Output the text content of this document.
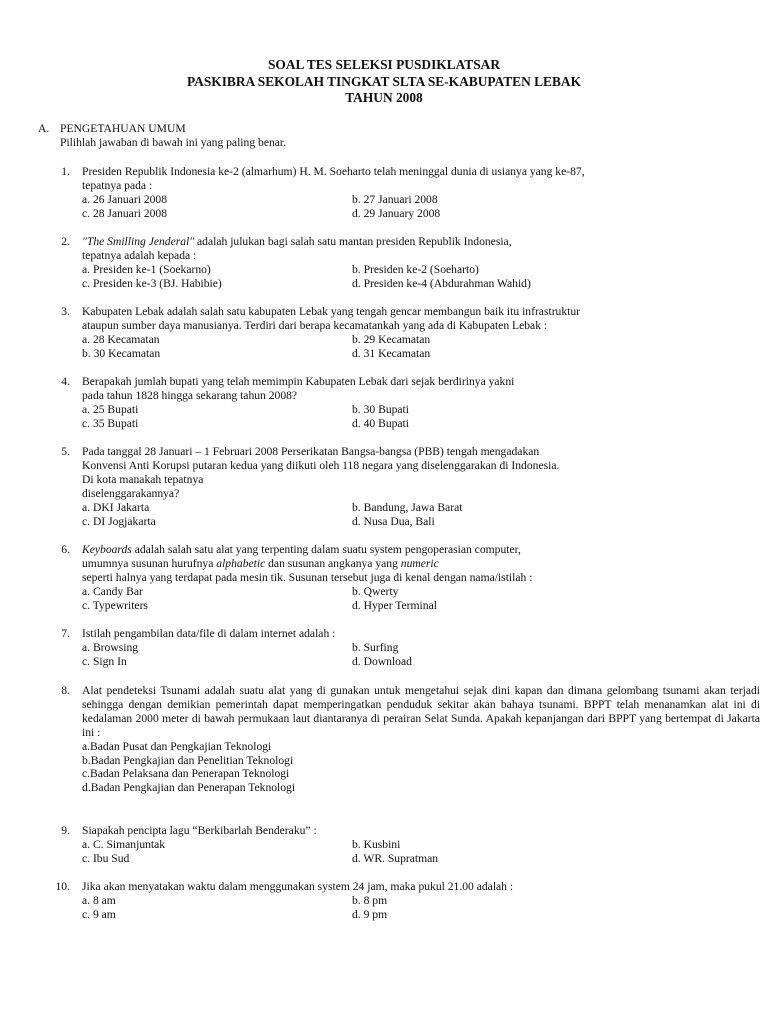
SOAL TES SELEKSI PUSDIKLATSAR
PASKIBRA SEKOLAH TINGKAT SLTA SE-KABUPATEN LEBAK
TAHUN 2008
A. PENGETAHUAN UMUM
Pilihlah jawaban di bawah ini yang paling benar.
1. Presiden Republik Indonesia ke-2 (almarhum) H. M. Soeharto telah meninggal dunia di usianya yang ke-87,
tepatnya pada :
a. 26 Januari 2008	b. 27 Januari 2008
c. 28 Januari 2008	d. 29 January 2008
2. "The Smilling Jenderal" adalah julukan bagi salah satu mantan presiden Republik Indonesia,
tepatnya adalah kepada :
a. Presiden ke-1 (Soekarno)	b. Presiden ke-2 (Soeharto)
c. Presiden ke-3 (BJ. Habibie)	d. Presiden ke-4 (Abdurahman Wahid)
3. Kabupaten Lebak adalah salah satu kabupaten Lebak yang tengah gencar membangun baik itu infrastruktur
ataupun sumber daya manusianya. Terdiri dari berapa kecamatankah yang ada di Kabupaten Lebak :
a. 28 Kecamatan	b. 29 Kecamatan
b. 30 Kecamatan	d. 31 Kecamatan
4. Berapakah jumlah bupati yang telah memimpin Kabupaten Lebak dari sejak berdirinya yakni
pada tahun 1828 hingga sekarang tahun 2008?
a. 25 Bupati	b. 30 Bupati
c. 35 Bupati	d. 40 Bupati
5. Pada tanggal 28 Januari – 1 Februari 2008 Perserikatan Bangsa-bangsa (PBB) tengah mengadakan
Konvensi Anti Korupsi putaran kedua yang diikuti oleh 118 negara yang diselenggarakan di Indonesia.
Di kota manakah tepatnya
diselenggarakannya?
a. DKI Jakarta	b. Bandung, Jawa Barat
c. DI Jogjakarta	d. Nusa Dua, Bali
6. Keyboards adalah salah satu alat yang terpenting dalam suatu system pengoperasian computer,
umumnya susunan hurufnya alphabetic dan susunan angkanya yang numeric
seperti halnya yang terdapat pada mesin tik. Susunan tersebut juga di kenal dengan nama/istilah :
a. Candy Bar	b. Qwerty
c. Typewriters	d. Hyper Terminal
7. Istilah pengambilan data/file di dalam internet adalah :
a. Browsing	b. Surfing
c. Sign In	d. Download
8. Alat pendeteksi Tsunami adalah suatu alat yang di gunakan untuk mengetahui sejak dini kapan dan dimana gelombang tsunami akan terjadi sehingga dengan demikian pemerintah dapat memperingatkan penduduk sekitar akan bahaya tsunami. BPPT telah menanamkan alat ini di kedalaman 2000 meter di bawah permukaan laut diantaranya di perairan Selat Sunda. Apakah kepanjangan dari BPPT yang bertempat di Jakarta ini :
a.Badan Pusat dan Pengkajian Teknologi
b.Badan Pengkajian dan Penelitian Teknologi
c.Badan Pelaksana dan Penerapan Teknologi
d.Badan Pengkajian dan Penerapan Teknologi
9. Siapakah pencipta lagu “Berkibarlah Benderaku” :
a. C. Simanjuntak	b. Kusbini
c. Ibu Sud	d. WR. Supratman
10. Jika akan menyatakan waktu dalam menggunakan system 24 jam, maka pukul 21.00 adalah :
a. 8 am	b. 8 pm
c. 9 am	d. 9 pm
